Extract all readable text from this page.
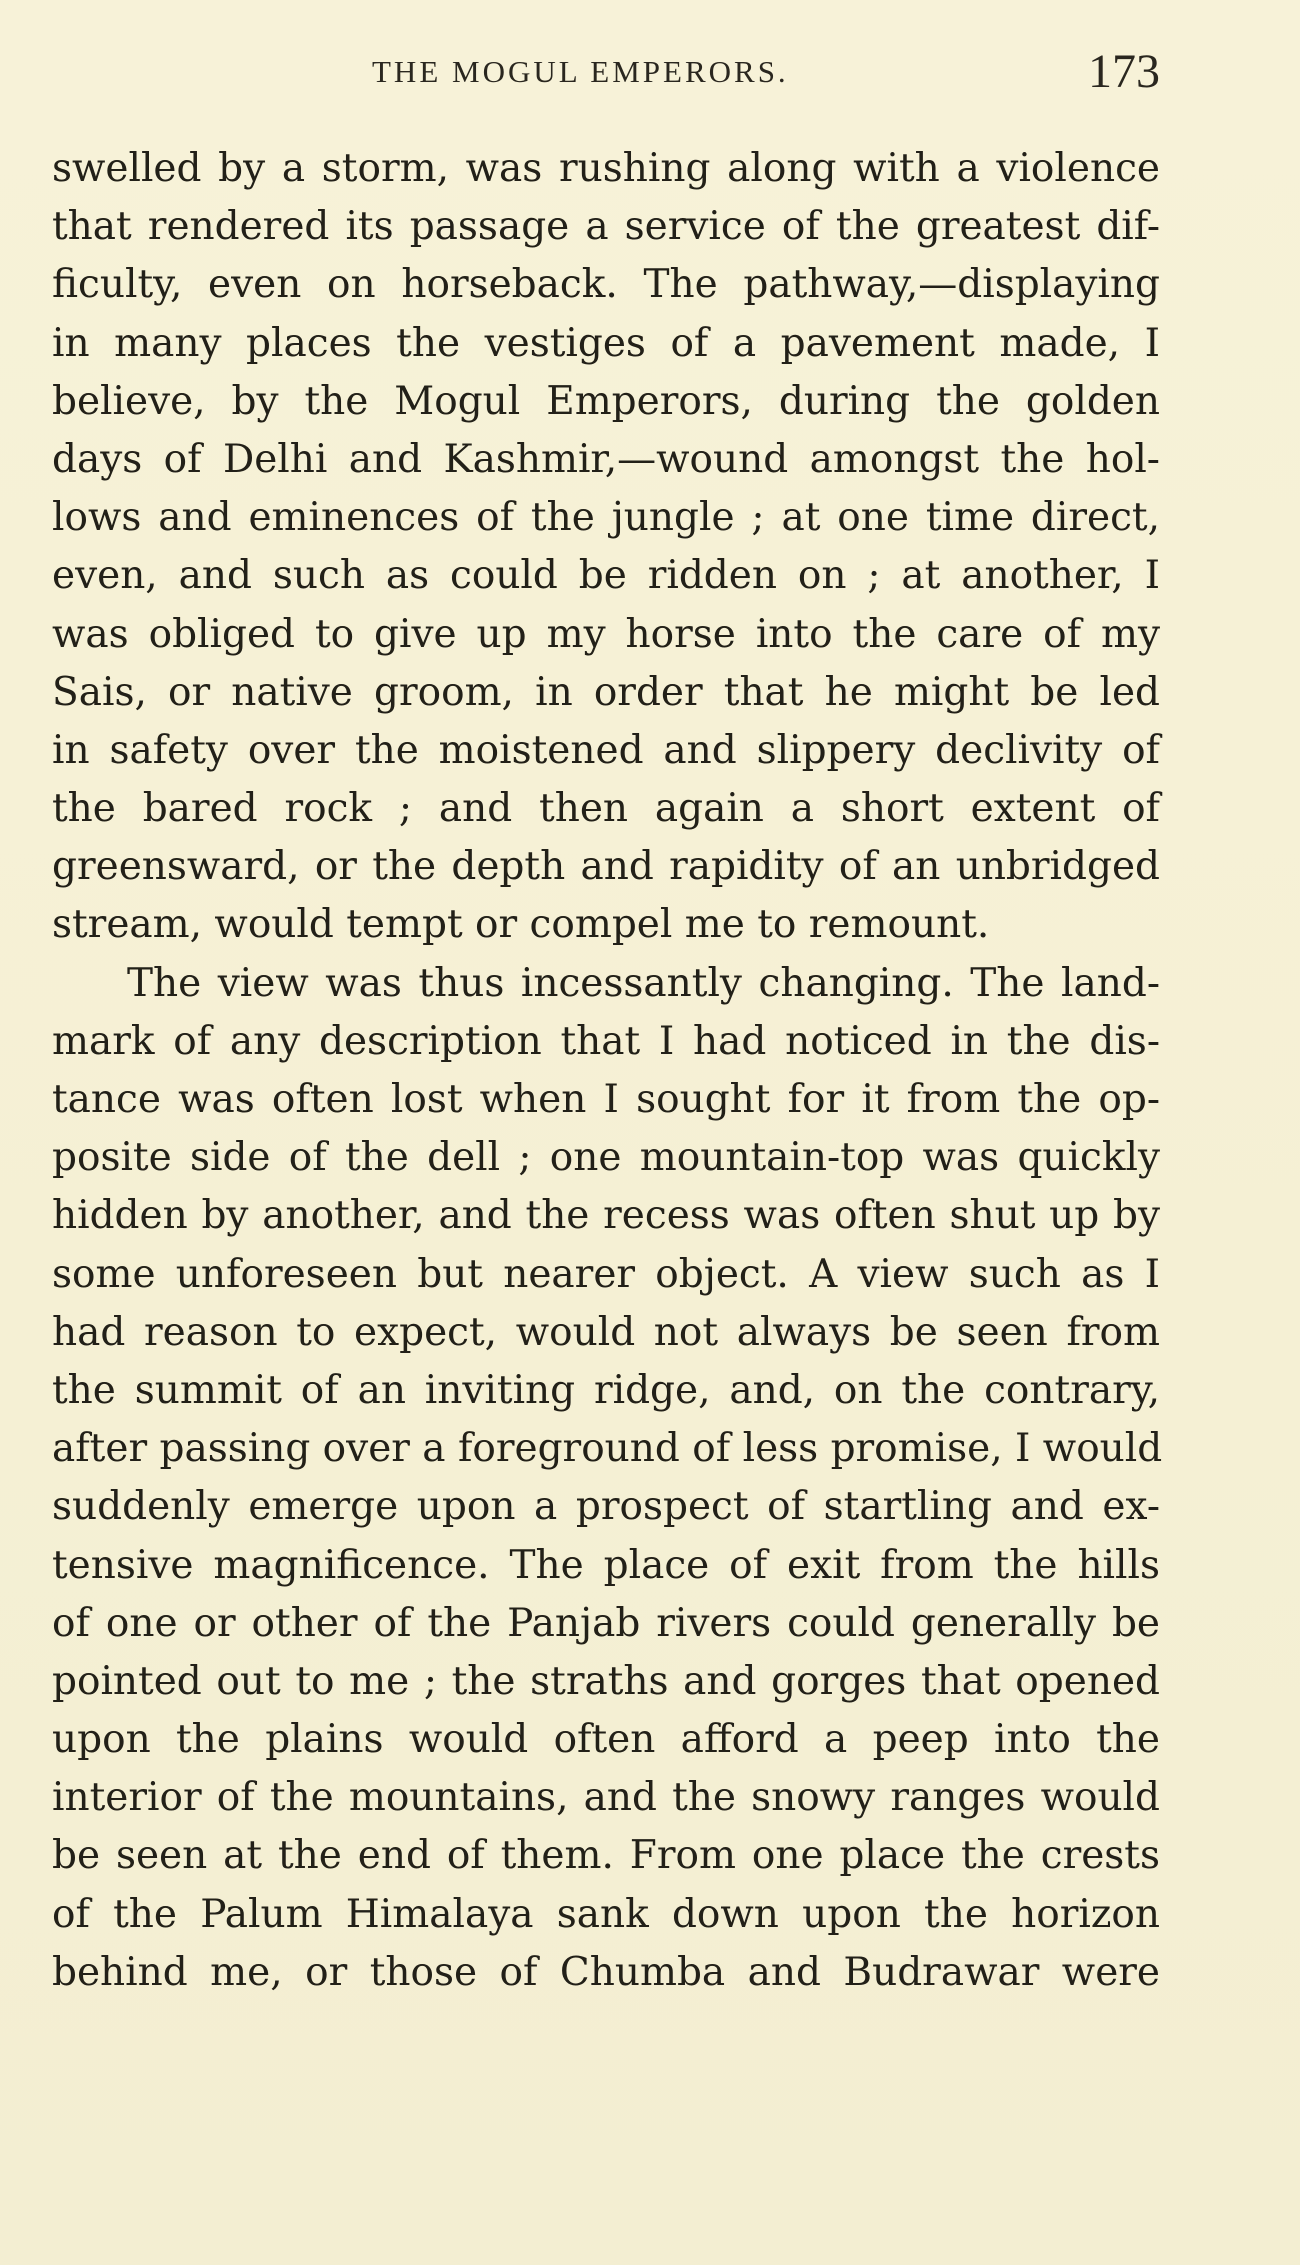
THE MOGUL EMPERORS.	173
swelled by a storm, was rushing along with a violence
that rendered its passage a service of the greatest dif-
ficulty, even on horseback. The pathway,—displaying
in many places the vestiges of a pavement made, I
believe, by the Mogul Emperors, during the golden
days of Delhi and Kashmir,—wound amongst the hol-
lows and eminences of the jungle ; at one time direct,
even, and such as could be ridden on ; at another, I
was obliged to give up my horse into the care of my
Sais, or native groom, in order that he might be led
in safety over the moistened and slippery declivity of
the bared rock ; and then again a short extent of
greensward, or the depth and rapidity of an unbridged
stream, would tempt or compel me to remount.
The view was thus incessantly changing. The land-
mark of any description that I had noticed in the dis-
tance was often lost when I sought for it from the op-
posite side of the dell ; one mountain-top was quickly
hidden by another, and the recess was often shut up by
some unforeseen but nearer object. A view such as I
had reason to expect, would not always be seen from
the summit of an inviting ridge, and, on the contrary,
after passing over a foreground of less promise, I would
suddenly emerge upon a prospect of startling and ex-
tensive magnificence. The place of exit from the hills
of one or other of the Panjab rivers could generally be
pointed out to me ; the straths and gorges that opened
upon the plains would often afford a peep into the
interior of the mountains, and the snowy ranges would
be seen at the end of them. From one place the crests
of the Palum Himalaya sank down upon the horizon
behind me, or those of Chumba and Budrawar were
